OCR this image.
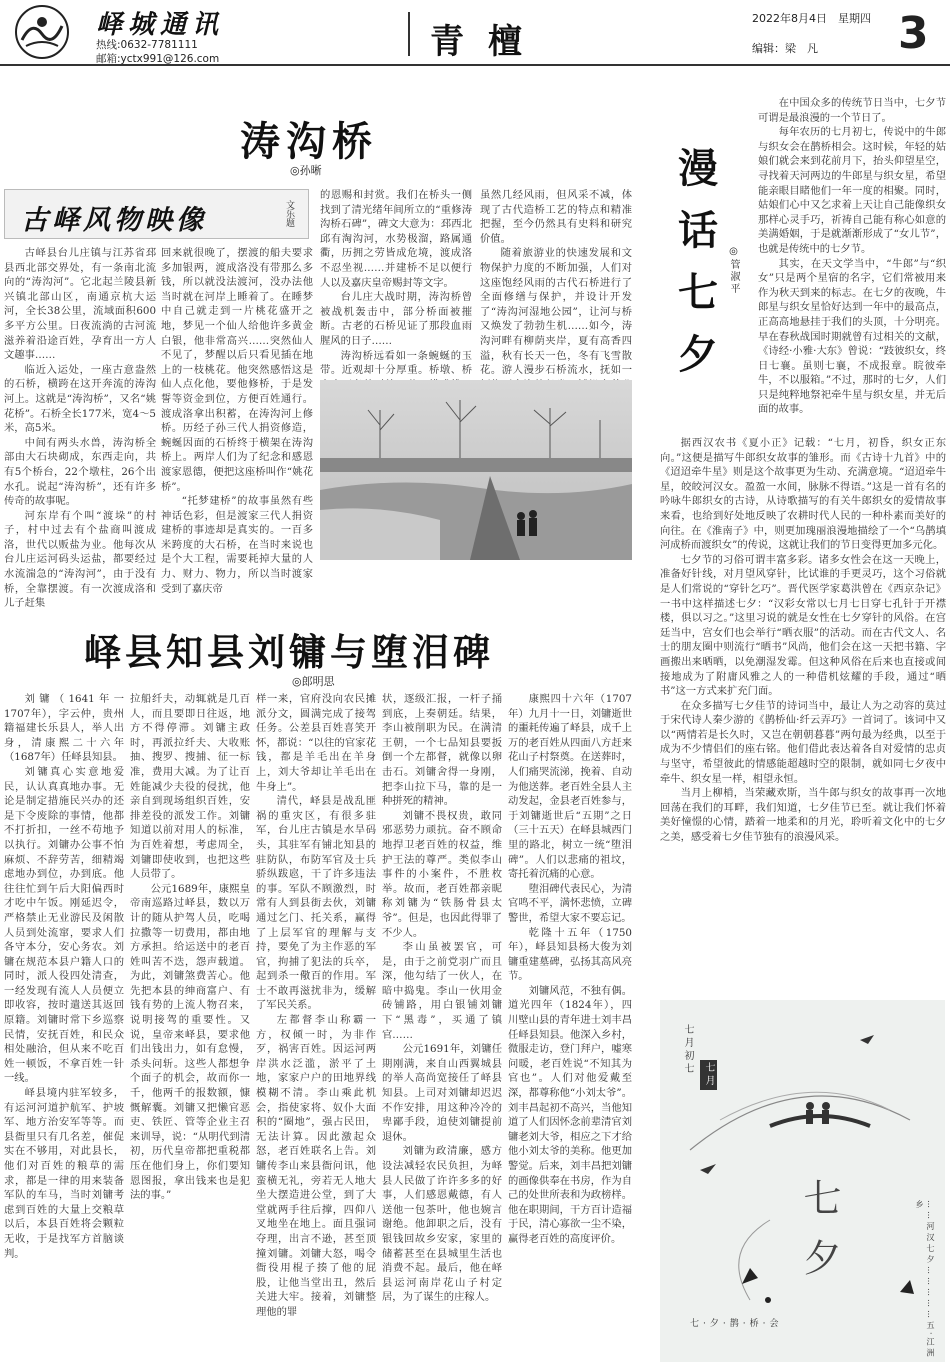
峄城通讯
热线:0632-7781111
邮箱:yctx991@126.com	青檀
2022年8月4日　星期四
编辑：梁　凡 3
涛沟桥
◎孙晰
古峄风物映像	文乐题

古峄县台儿庄镇与江苏省邳县西北部交界处，有一条南北流向的“涛沟河”。它北起兰陵县新兴镇北部山区，南通京杭大运河，全长38公里，流域面积600多平方公里。日夜流淌的古河流滋养着沿途百姓，孕育出一方人文趣事……

临近入运处，一座古意盎然的石桥，横跨在这开奔流的涛沟河上。这就是“涛沟桥”，又名“姚花桥”。石桥全长177米，宽4～5米，高5米。

中间有两头水兽，涛沟桥全部由大石块砌成，东西走向，共有5个桥台，22个墩柱，26个出水孔。说起“涛沟桥”，还有许多传奇的故事呢。

河东岸有个叫“渡垛”的村子，村中过去有个盐商叫渡成洛，世代以贩盐为业。他每次从台儿庄运河码头运盐，都要经过水流湍急的“涛沟河”，由于没有桥，全靠摆渡。有一次渡成洛和儿子赶集

回来就很晚了，摆渡的船夫要求多加银两，渡成洛没有带那么多钱，所以就没法渡河，没办法他当时就在河岸上睡着了。在睡梦中自己就走到一片桃花盛开之地，梦见一个仙人给他许多黄金白银，他非常高兴……突然仙人不见了，梦醒以后只看见插在地上的一枝桃花。他突然感悟这是仙人点化他，要他修桥，于是发誓等资金到位，方便百姓通行。渡成洛拿出积蓄，在涛沟河上修桥。历经子孙三代人捐资修造，蜿蜒因面的石桥终于横架在涛沟桥上。两岸人们为了纪念和感恩渡家恩德，便把这座桥叫作“姚花桥”。

“托梦建桥”的故事虽然有些神话色彩，但是渡家三代人捐资建桥的事迹却是真实的。一百多米跨度的大石桥，在当时来说也是个大工程，需要耗掉大量的人力、财力、物力，所以当时渡家受到了嘉庆帝

的恩赐和封赏。我们在桥头一侧找到了清光绪年间所立的“重修涛沟桥石碑”，碑文大意为：邳西北邱有淘沟河，水势极溜，路属通衢，历拥之劳皆成危境，渡成洛不忍坐视……并建桥不足以便行人以及嘉庆皇帝赐封等文字。

台儿庄大战时期，涛沟桥曾被战机轰击中，部分桥面被摧断。古老的石桥见证了那段血雨腥风的日子……

涛沟桥远看如一条蜿蜒的玉带。近观却十分厚重。桥墩、桥

虽然几经风雨，但风采不减，体现了古代造桥工艺的特点和精准把握，至今仍然具有史料和研究价值。

随着旅游业的快速发展和文物保护力度的不断加强，人们对这座饱经风雨的古代石桥进行了全面修缮与保护，并设计开发了“涛沟河湿地公园”，让河与桥又焕发了勃勃生机……如今，涛沟河畔有柳荫夹岸，夏有高香四溢，秋有长天一色，冬有飞雪散花。游人漫步石桥流水，抚如一

峄县知县刘镛与堕泪碑
◎郎明思

刘镛（1641年一1707年），字云仲，贵州籍福建长乐县人，举人出身，清康熙二十六年（1687年）任峄县知县。

刘镛真心实意地爱民，认认真真地办事。无论是制定措施民兴办的还是下令废除的事情，他都不打折扣，一丝不苟地予以执行。刘镛办公事不怕麻烦、不辞劳苦，细精竭虑地办到位，办到底。他往往忙到午后大阳偏西时才吃中午饭。刚延迟令，严格禁止无业游民及闲散人员到处流窜，要求人们各守本分，安心务农。刘镛在规范本县户籍人口的同时，派人役四处清查，一经发现有流人人员便立即收容，按时遣送其返回原籍。刘镛时常下乡巡察民情，安抚百姓，和民众相处融洽，但从来不吃百姓一顿饭，不拿百姓一针一线。

峄县境内驻军较多，有运河河道护航军、护坡军、地方治安军等等。而县衙里只有几名差，催促实在不够用，对此县长，他们对百姓的粮草的需求，都是一律的用来装备军队的车马，当时刘镛考虑到百姓的大量上交粮草以后，本县百姓将会颗粒无收，于是找军方首脑谈判。

拉船纤夫，动辄就是几百人，而且要即日往返，地方不得停滞。刘镛主政时，再派拉纤夫、大收账抽、搜罗、搜捕、征一标准，费用大减。为了让百姓能减少夫役的侵扰，他亲自到现场组织百姓，安排差役的派发工作。刘镛知道以前对用人的标准，为百姓着想，考虑周全，刘镛即使收到，也把这些人员带了。

公元1689年，康熙皇帝南巡路过峄县，数以万计的随从护驾人员，吃喝拉撒等一切费用，都由地方承担。给运送中的老百姓叫苦不迭，怨声载道。为此，刘镛煞费苦心。他先把本县的绅商富户、有钱有势的上流人物召来，说明接驾的重要性。又说，皇帝来峄县，要求他们出钱出力，如有怠慢，杀头问斩。这些人都想争个面子的机会，故而你一千，他两千的报数额，慷慨解囊。刘镛又把懒官恶吏、铁匠、管等企业主召来训导，说：“从明代到清初，历代皇帝都把重税都压在他们身上，你们要知恩图报，拿出钱来也是犯法的事。”

样一来，官府没向农民摊派分文，圆满完成了接驾任务。公差县百姓喜笑开怀，都说：“以往的官家花钱，都是羊毛出在羊身上，刘大爷却让羊毛出在牛身上”。

清代，峄县是战乱匪祸的重灾区，有很多驻军，台儿庄古镇是水旱码头，其驻军有铺北知县的驻防队，布防军官及士兵骄纵跋扈，干了许多违法的事。军队不顾激烈，时常有人到县街去伙，刘镛通过乞门、托关系，赢得了上层军官的理解与支持，要免了为主作恶的军官，拘捕了犯法的兵卒，起到杀一儆百的作用。军士不敢再滋扰非为，缓解了军民关系。

左都督李山称霸一方，权倾一时，为非作歹，祸害百姓。因运河两岸洪水泛滥，淤平了土地，家家户户的田地界线模糊不清。李山乘此机会，指使家将、奴仆大面积的“圈地”，强占民田，无法计算。因此激起众怒，老百姓联名上告。刘镛传李山来县衙问讯，他蛮横无礼，旁若无人地大坐大摆造进公堂，到了大堂就两手往后撑，四仰八叉地坐在地上。面且强词夺理，出言不逊，甚至顶撞刘镛。刘镛大怒，喝令衙役用棍子揍了他的屁股，让他当堂出丑，然后关进大牢。接着，刘镛整理他的罪

状，逐级汇报，一杆子捅到底，上奏朝廷。结果，李山被削职为民。在满清王朝，一个七品知县要扳倒一个左都督，就像以卵击石。刘镛舍得一身刚，把李山拉下马，靠的是一种拼死的精神。

刘镛不畏权贵，敢同邪恶势力顽抗。奋不顾命地捍卫老百姓的权益，维护王法的尊严。类似李山事件的小案件，不胜枚举。故而，老百姓都亲昵称刘镛为“铁肠骨县太爷”。但是，也因此得罪了不少人。

李山虽被罢官，可是，由于之前党羽广而且深，他勾结了一伙人，在暗中捣鬼。李山一伙用金砖铺路，用白银铺刘镛下“黑毒”，买通了镇官……

公元1691年，刘镛任期刚满，来自山西翼城县的举人高尚宽接任了峄县知县。上司对刘镛却迟迟不作安排，用这种冷冷的卑鄙手段，迫使刘镛提前退休。

刘镛为政清廉，感方设法减轻农民负担，为峄县人民做了许许多多的好事，人们感恩戴德，有人送他一包茶叶，他也婉言谢绝。他卸职之后，没有银钱回故乡安家，家里的储蓄甚至在县城里生活也消费不起。最后，他在峄县运河南岸花山子村定居，为了谋生的庄稼人。

康熙四十六年（1707年）九月十一日，刘镛逝世的噩耗传遍了峄县，成千上万的老百姓从四面八方赶来花山子村祭奠。在送葬时，人们痛哭流涕，挽着、自动为他送葬。老百姓全县人主动发起，金县老百姓参与，于刘镛逝世后“五期”之日（三十五天）在峄县城西门里的路北，树立一统“堕泪碑”。人们以悲痛的祖坟，寄托着沉痛的心意。

堕泪碑代表民心，为清官鸣不平，满怀悲愤，立碑警世，希望大家不要忘记。

乾隆十五年（1750年），峄县知县杨大俊为刘镛重建墓碑，弘扬其高风亮节。

刘镛风范，不独有偶。道光四年（1824年），四川壁山县的青年进士刘丰昌任峄县知县。他深入乡村，微服走访，登门拜户，嘘寒问暖，老百姓说“不知其为官也”。人们对他爱戴至深，都尊称他“小刘太爷”。刘丰昌起初不高兴，当他知道了人们因怀念前辈清官刘镛老刘大爷，相应之下才给他小刘太爷的美称。他更加警觉。后来，刘丰昌把刘镛的画像供奉在书房，作为自己的处世所表和为政榜样。他在职期间，干方百计造福于民，清心寡欲一尘不染，赢得老百姓的高度评价。

漫话七夕
◎管淑平

在中国众多的传统节日当中，七夕节可谓是最浪漫的一个节日了。

每年农历的七月初七，传说中的牛郎与织女会在鹊桥相会。这时候，年轻的姑娘们就会来到花前月下，抬头仰望星空，寻找着天河两边的牛郎星与织女星，希望能亲眼目睹他们一年一度的相聚。同时，姑娘们心中又乞求着上天让自己能像织女那样心灵手巧，祈祷自己能有称心如意的美满婚姻，于是就渐渐形成了“女儿节”，也就是传统中的七夕节。

其实，在天文学当中，“牛郎”与“织女”只是两个星宿的名字，它们常被用来作为秋天到来的标志。在七夕的夜晚，牛郎星与织女星恰好达到一年中的最高点，正高高地悬挂于我们的头顶，十分明亮。早在春秋战国时期就曾有过相关的文献，《诗经·小雅·大东》曾说：“跂彼织女，终日七襄。虽则七襄，不成报章。睆彼牵牛，不以服箱。”不过，那时的七夕，人们只是纯粹地祭祀牵牛星与织女星，并无后面的故事。

据西汉农书《夏小正》记载：“七月，初昏，织女正东向。”这便是描写牛郎织女故事的雏形。而《古诗十九首》中的《迢迢牵牛星》则是这个故事更为生动、充满意境。“迢迢牵牛星，皎皎河汉女。盈盈一水间，脉脉不得语。”这是一首有名的吟咏牛郎织女的古诗，从诗歌描写的有关牛郎织女的爱情故事来看，也给到好处地反映了农耕时代人民的一种朴素而美好的向往。在《淮南子》中，则更加瑰丽浪漫地描绘了一个“乌鹊填河成桥而渡织女”的传说，这就让我们的节日变得更加多元化。

七夕节的习俗可谓丰富多彩。诸多女性会在这一天晚上，准备好针线，对月望风穿针，比试谁的手更灵巧，这个习俗就是人们常说的“穿针乞巧”。晋代医学家葛洪曾在《西京杂记》一书中这样描述七夕：“汉彩女常以七月七日穿七孔针于开襟楼，俱以习之。”这里习说的就是女性在七夕穿针的风俗。在宫廷当中，宫女们也会举行“晒衣服”的活动。而在古代文人、名士的朋友圈中则流行“晒书”风尚，他们会在这一天把书籍、字画搬出来晒晒，以免潮湿发霉。但这种风俗在后来也直接或间接地成为了附庸风雅之人的一种借机炫耀的手段，通过“晒书”这一方式来扩充门面。

在众多描写七夕佳节的诗词当中，最让人为之动容的莫过于宋代诗人秦少游的《鹊桥仙·纤云弄巧》一首词了。该词中又以“两情若是长久时，又岂在朝朝暮暮”两句最为经典，以至于成为不少情侣们的座右铭。他们借此表达着各自对爱情的忠贞与坚守，希望彼此的情感能超越时空的限制，就如同七夕夜中牵牛、织女星一样，相望永恒。

当月上柳梢，当荣藏欢斯，当牛郎与织女的故事再一次地回荡在我们的耳畔，我们知道，七夕佳节已至。就让我们怀着美好憧憬的心情，踏着一地柔和的月光，聆听着文化中的七夕之美，感受着七夕佳节独有的浪漫风采。

七月初七	七月
七
夕	……河汉七夕……………五·江洲乡
七·夕·鹊·桥·会
